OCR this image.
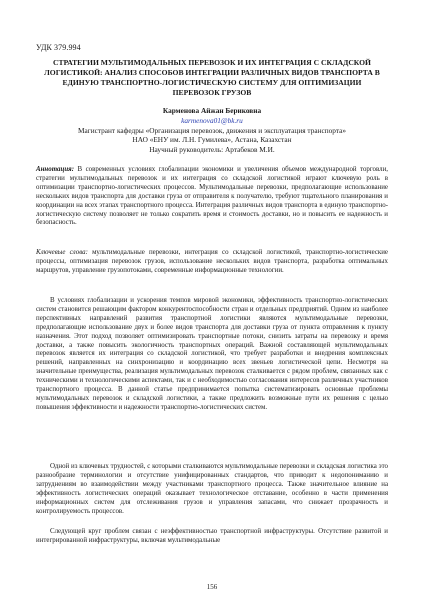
УДК 379.994
СТРАТЕГИИ МУЛЬТИМОДАЛЬНЫХ ПЕРЕВОЗОК И ИХ ИНТЕГРАЦИЯ С СКЛАДСКОЙ ЛОГИСТИКОЙ: АНАЛИЗ СПОСОБОВ ИНТЕГРАЦИИ РАЗЛИЧНЫХ ВИДОВ ТРАНСПОРТА В ЕДИНУЮ ТРАНСПОРТНО-ЛОГИСТИЧЕСКУЮ СИСТЕМУ ДЛЯ ОПТИМИЗАЦИИ ПЕРЕВОЗОК ГРУЗОВ
Карменова Айжан Бериковна
karmenova01@bk.ru
Магистрант кафедры «Организация перевозок, движения и эксплуатация транспорта»
НАО «ЕНУ им. Л.Н. Гумилева», Астана, Казахстан
Научный руководитель: Артабеков М.И.
Аннотация: В современных условиях глобализации экономики и увеличения объемов международной торговли, стратегии мультимодальных перевозок и их интеграция со складской логистикой играют ключевую роль в оптимизации транспортно-логистических процессов. Мультимодальные перевозки, предполагающие использование нескольких видов транспорта для доставки груза от отправителя к получателю, требуют тщательного планирования и координации на всех этапах транспортного процесса. Интеграция различных видов транспорта в единую транспортно-логистическую систему позволяет не только сократить время и стоимость доставки, но и повысить ее надежность и безопасность.
Ключевые слова: мультимодальные перевозки, интеграция со складской логистикой, транспортно-логистические процессы, оптимизация перевозок грузов, использование нескольких видов транспорта, разработка оптимальных маршрутов, управление грузопотоками, современные информационные технологии.

В условиях глобализации и ускорения темпов мировой экономики, эффективность транспортно-логистических систем становится решающим фактором конкурентоспособности стран и отдельных предприятий. Одним из наиболее перспективных направлений развития транспортной логистики являются мультимодальные перевозки, предполагающие использование двух и более видов транспорта для доставки груза от пункта отправления к пункту назначения. Этот подход позволяет оптимизировать транспортные потоки, снизить затраты на перевозку и время доставки, а также повысить экологичность транспортных операций. Важной составляющей мультимодальных перевозок является их интеграция со складской логистикой, что требует разработки и внедрения комплексных решений, направленных на синхронизацию и координацию всех звеньев логистической цепи. Несмотря на значительные преимущества, реализация мультимодальных перевозок сталкивается с рядом проблем, связанных как с техническими и технологическими аспектами, так и с необходимостью согласования интересов различных участников транспортного процесса. В данной статье предпринимается попытка систематизировать основные проблемы мультимодальных перевозок и складской логистики, а также предложить возможные пути их решения с целью повышения эффективности и надежности транспортно-логистических систем.

Одной из ключевых трудностей, с которыми сталкиваются мультимодальные перевозки и складская логистика это разнообразие терминологии и отсутствие унифицированных стандартов, что приводит к недопониманию и затруднениям во взаимодействии между участниками транспортного процесса. Также значительное влияние на эффективность логистических операций оказывает технологическое отставание, особенно в части применения информационных систем для отслеживания грузов и управления запасами, что снижает прозрачность и контролируемость процессов.

Следующей круг проблем связан с неэффективностью транспортной инфраструктуры. Отсутствие развитой и интегрированной инфраструктуры, включая мультимодальные

156
